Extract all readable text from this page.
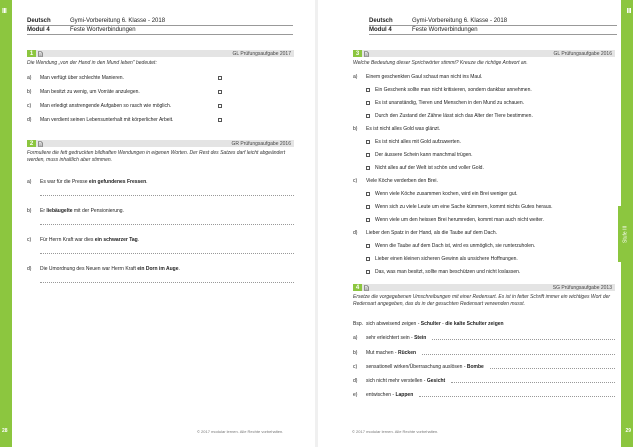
III
28	© 2017 modular lernen. Alle Rechte vorbehalten.
Deutsch	Gymi-Vorbereitung 6. Klasse - 2018
Modul 4	Feste Wortverbindungen
1	GL Prüfungsaufgabe 2017
Die Wendung „von der Hand in den Mund leben" bedeutet:
a)	Man verfügt über schlechte Manieren.
b)	Man besitzt zu wenig, um Vorräte anzulegen.
c)	Man erledigt anstrengende Aufgaben so rasch wie möglich.
d)	Man verdient seinen Lebensunterhalt mit körperlicher Arbeit.
2	GR Prüfungsaufgabe 2016
Formuliere die fett gedruckten bildhaften Wendungen in eigenen Worten. Der Rest des Satzes darf leicht abgeändert werden, muss inhaltlich aber stimmen.
a)	Es war für die Presse ein gefundenes Fressen.
b)	Er liebäugelte mit der Pensionierung.
c)	Für Herrn Kraft war dies ein schwarzer Tag.
d)	Die Umordnung des Neuen war Herrn Kraft ein Dorn im Auge.
III
29
Stufe III
© 2017 modular lernen. Alle Rechte vorbehalten.
Deutsch	Gymi-Vorbereitung 6. Klasse - 2018
Modul 4	Feste Wortverbindungen
3	GL Prüfungsaufgabe 2016
Welche Bedeutung dieser Sprichwörter stimmt? Kreuze die richtige Antwort an.
a)	Einem geschenkten Gaul schaut man nicht ins Maul.
Ein Geschenk sollte man nicht kritisieren, sondern dankbar annehmen.
Es ist unanständig, Tieren und Menschen in den Mund zu schauen.
Durch den Zustand der Zähne lässt sich das Alter der Tiere bestimmen.
b)	Es ist nicht alles Gold was glänzt.
Es ist nicht alles mit Gold aufzuwerten.
Der äussere Schein kann manchmal trügen.
Nicht alles auf der Welt ist schön und voller Gold.
c)	Viele Köche verderben den Brei.
Wenn viele Köche zusammen kochen, wird ein Brei weniger gut.
Wenn sich zu viele Leute um eine Sache kümmern, kommt nichts Gutes heraus.
Wenn viele um den heissen Brei herumreden, kommt man auch nicht weiter.
d)	Lieber den Spatz in der Hand, als die Taube auf dem Dach.
Wenn die Taube auf dem Dach ist, wird es unmöglich, sie runterzuholen.
Lieber einen kleinen sicheren Gewinn als unsichere Hoffnungen.
Das, was man besitzt, sollte man beschützen und nicht loslassen.
4	SG Prüfungsaufgabe 2013
Ersetze die vorgegebenen Umschreibungen mit einer Redensart. Es ist in fetter Schrift immer ein wichtiges Wort der Redensart angegeben, das du in der gesuchten Redensart verwenden musst.
Bsp. sich abweisend zeigen - Schulter - die kalte Schulter zeigen
a)	sehr erleichtert sein - Stein
b)	Mut machen - Rücken
c)	sensationell wirken/Überraschung auslösen - Bombe
d)	sich nicht mehr verstellen - Gesicht
e)	entwischen - Lappen
